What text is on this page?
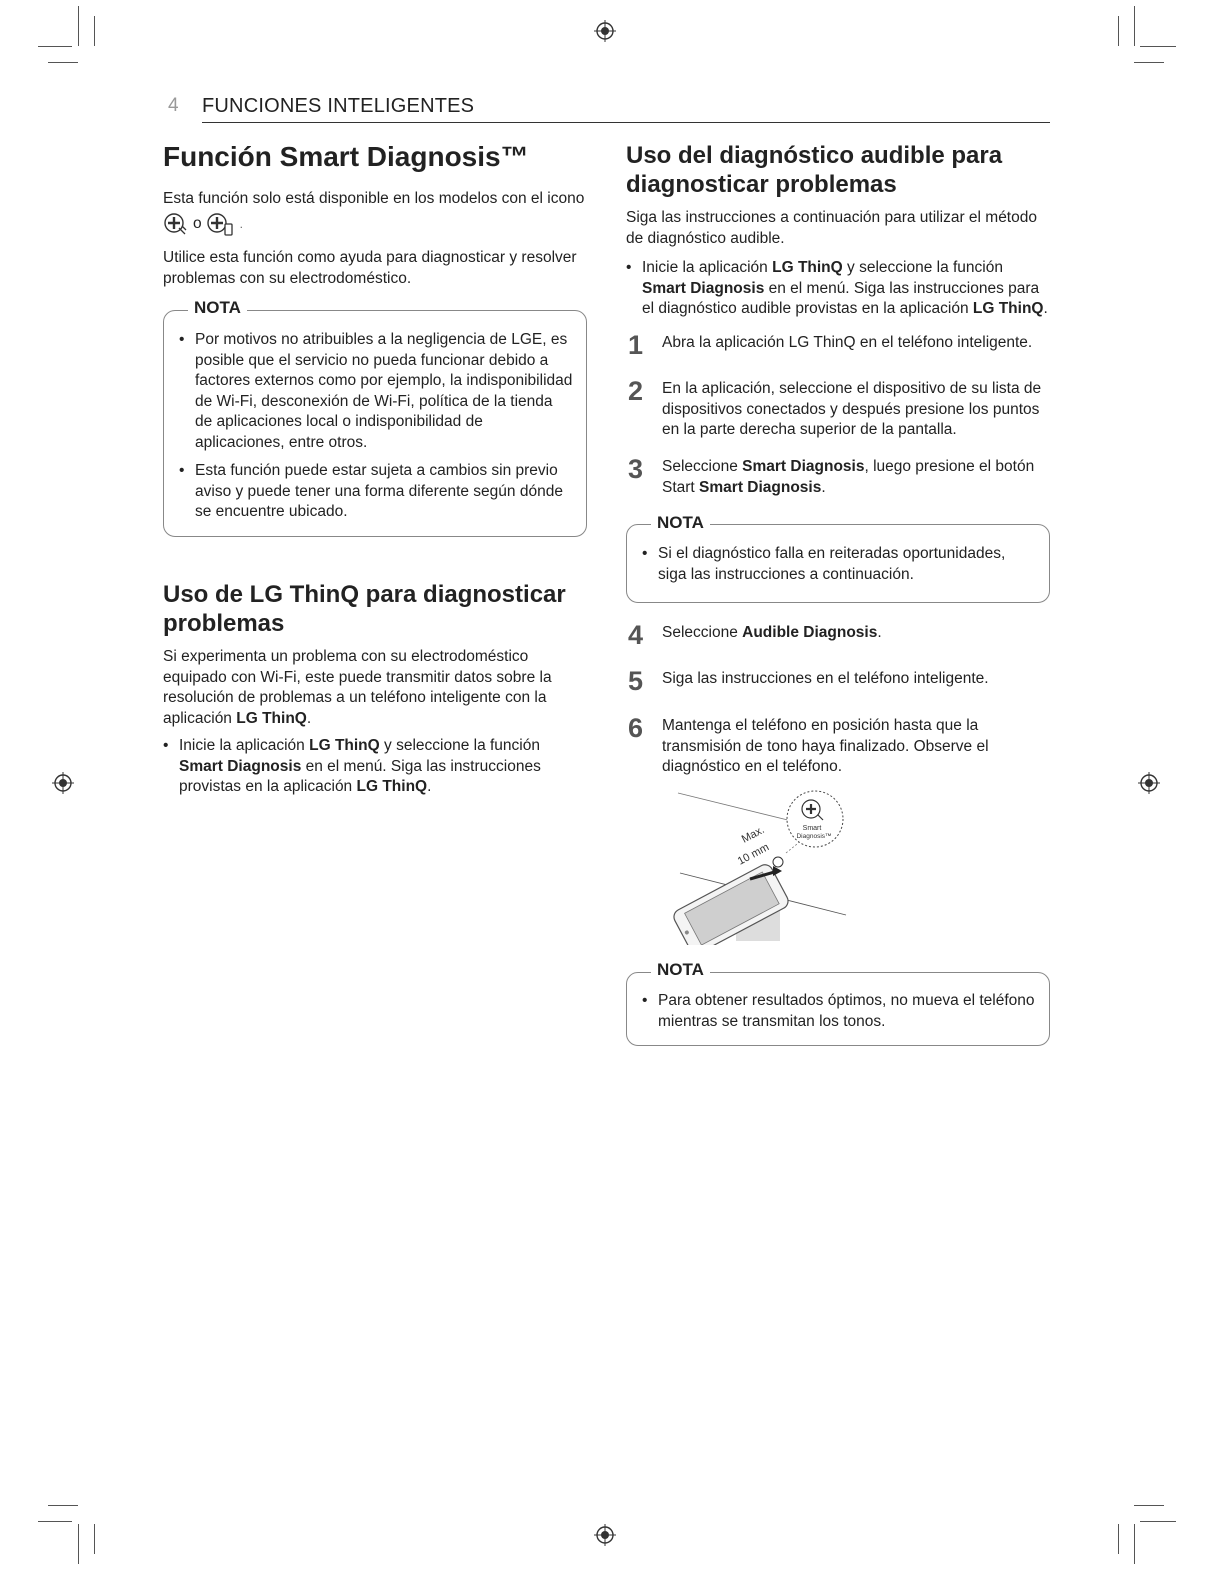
4 FUNCIONES INTELIGENTES
Función Smart Diagnosis™

Esta función solo está disponible en los modelos con el icono

o	.

Utilice esta función como ayuda para diagnosticar y resolver problemas con su electrodoméstico.

NOTA
• Por motivos no atribuibles a la negligencia de LGE, es posible que el servicio no pueda funcionar debido a factores externos como por ejemplo, la indisponibilidad de Wi-Fi, desconexión de Wi-Fi, política de la tienda de aplicaciones local o indisponibilidad de aplicaciones, entre otros.
• Esta función puede estar sujeta a cambios sin previo aviso y puede tener una forma diferente según dónde se encuentre ubicado.
Uso de LG ThinQ para diagnosticar problemas

Si experimenta un problema con su electrodoméstico equipado con Wi-Fi, este puede transmitir datos sobre la resolución de problemas a un teléfono inteligente con la aplicación LG ThinQ.

• Inicie la aplicación LG ThinQ y seleccione la función Smart Diagnosis en el menú. Siga las instrucciones provistas en la aplicación LG ThinQ.
Uso del diagnóstico audible para diagnosticar problemas

Siga las instrucciones a continuación para utilizar el método de diagnóstico audible.

• Inicie la aplicación LG ThinQ y seleccione la función Smart Diagnosis en el menú. Siga las instrucciones para el diagnóstico audible provistas en la aplicación LG ThinQ.
1 Abra la aplicación LG ThinQ en el teléfono inteligente.
2 En la aplicación, seleccione el dispositivo de su lista de dispositivos conectados y después presione los puntos en la parte derecha superior de la pantalla.
3 Seleccione Smart Diagnosis, luego presione el botón Start Smart Diagnosis.
NOTA
• Si el diagnóstico falla en reiteradas oportunidades, siga las instrucciones a continuación.
4 Seleccione Audible Diagnosis.
5 Siga las instrucciones en el teléfono inteligente.
6 Mantenga el teléfono en posición hasta que la transmisión de tono haya finalizado. Observe el diagnóstico en el teléfono.
Smart
Diagnosis™
Max.
10 mm
NOTA
• Para obtener resultados óptimos, no mueva el teléfono mientras se transmitan los tonos.
